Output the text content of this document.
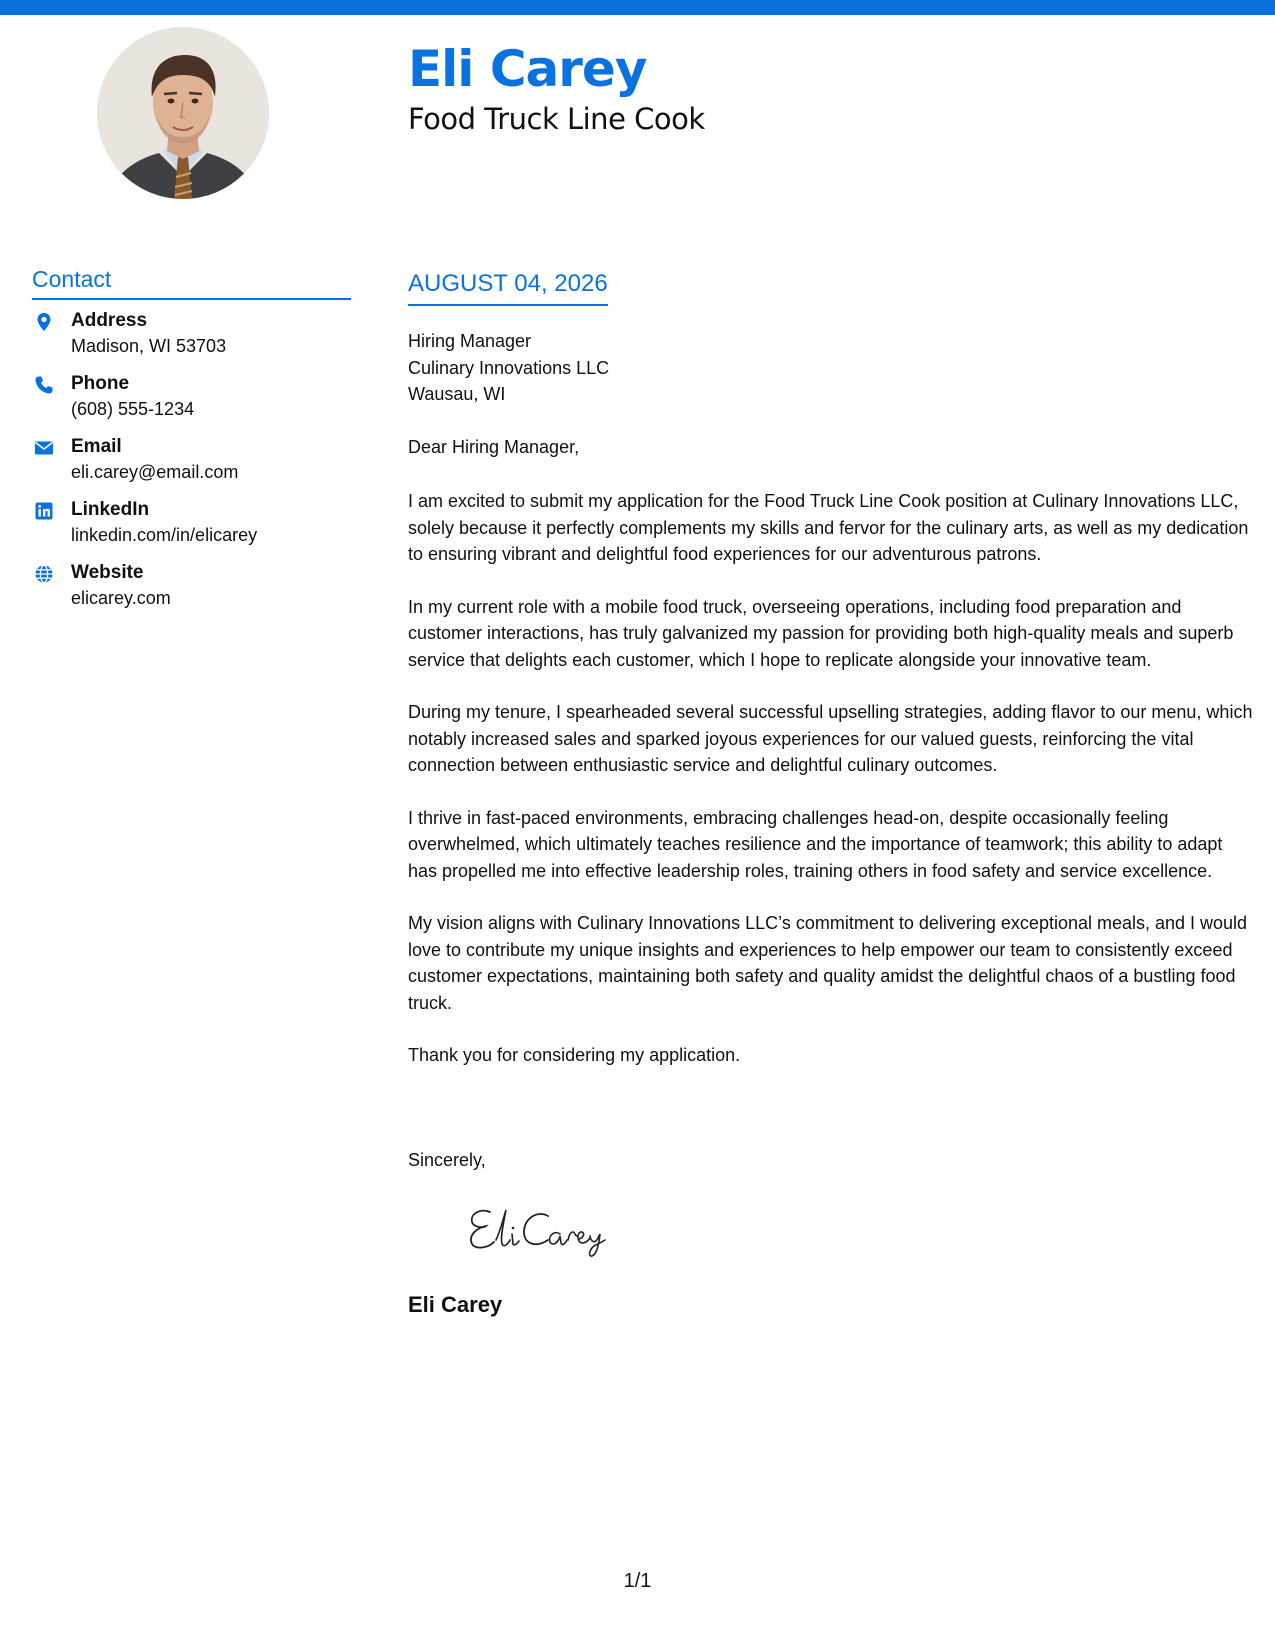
Eli Carey
Food Truck Line Cook
Contact
Address
Madison, WI 53703
Phone
(608) 555-1234
Email
eli.carey@email.com
LinkedIn
linkedin.com/in/elicarey
Website
elicarey.com
AUGUST 04, 2026
Hiring Manager
Culinary Innovations LLC
Wausau, WI
Dear Hiring Manager,

I am excited to submit my application for the Food Truck Line Cook position at Culinary Innovations LLC, solely because it perfectly complements my skills and fervor for the culinary arts, as well as my dedication to ensuring vibrant and delightful food experiences for our adventurous patrons.

In my current role with a mobile food truck, overseeing operations, including food preparation and customer interactions, has truly galvanized my passion for providing both high-quality meals and superb service that delights each customer, which I hope to replicate alongside your innovative team.

During my tenure, I spearheaded several successful upselling strategies, adding flavor to our menu, which notably increased sales and sparked joyous experiences for our valued guests, reinforcing the vital connection between enthusiastic service and delightful culinary outcomes.

I thrive in fast-paced environments, embracing challenges head-on, despite occasionally feeling overwhelmed, which ultimately teaches resilience and the importance of teamwork; this ability to adapt has propelled me into effective leadership roles, training others in food safety and service excellence.

My vision aligns with Culinary Innovations LLC’s commitment to delivering exceptional meals, and I would love to contribute my unique insights and experiences to help empower our team to consistently exceed customer expectations, maintaining both safety and quality amidst the delightful chaos of a bustling food truck.

Thank you for considering my application.

Sincerely,
Eli Carey
1/1
